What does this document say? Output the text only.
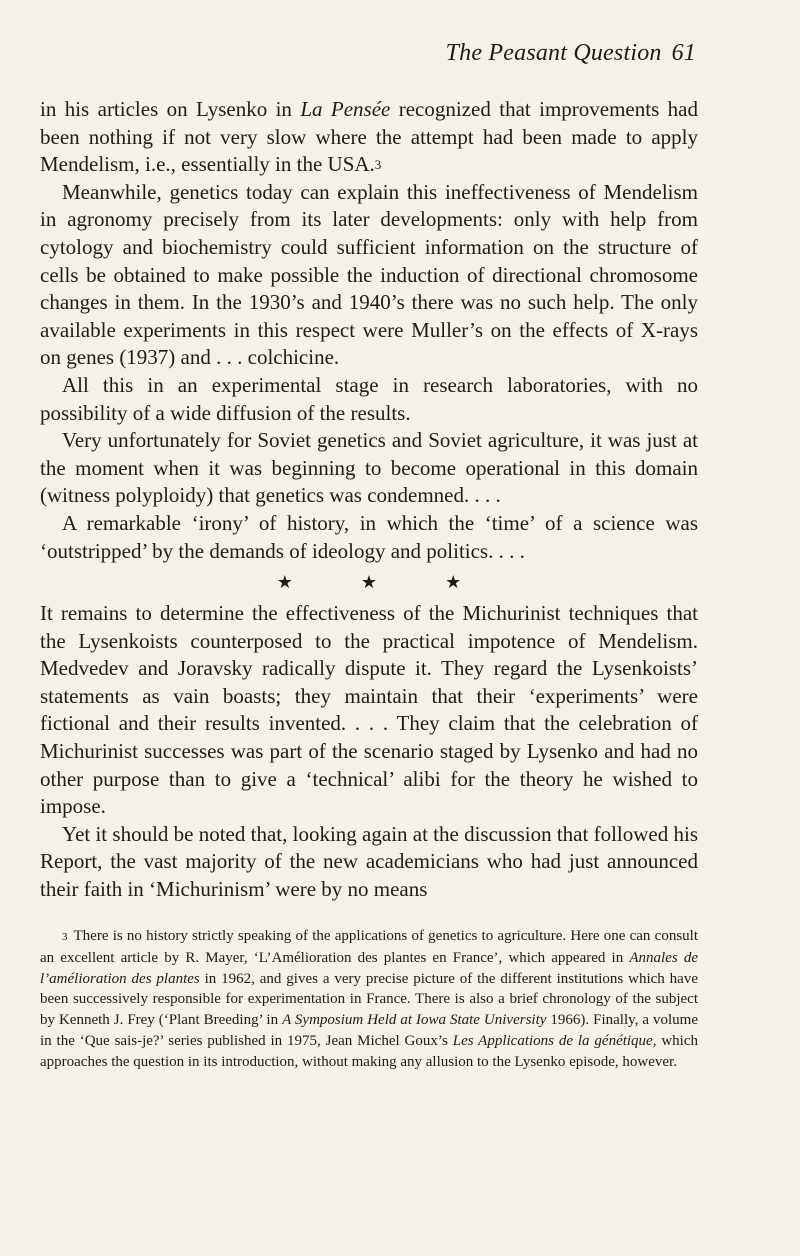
The Peasant Question 61

in his articles on Lysenko in La Pensée recognized that improvements had been nothing if not very slow where the attempt had been made to apply Mendelism, i.e., essentially in the USA.3

Meanwhile, genetics today can explain this ineffectiveness of Mendelism in agronomy precisely from its later developments: only with help from cytology and biochemistry could sufficient information on the structure of cells be obtained to make possible the induction of directional chromosome changes in them. In the 1930’s and 1940’s there was no such help. The only available experiments in this respect were Muller’s on the effects of X-rays on genes (1937) and . . . colchicine.

All this in an experimental stage in research laboratories, with no possibility of a wide diffusion of the results.

Very unfortunately for Soviet genetics and Soviet agriculture, it was just at the moment when it was beginning to become operational in this domain (witness polyploidy) that genetics was condemned. . . .

A remarkable ‘irony’ of history, in which the ‘time’ of a science was ‘outstripped’ by the demands of ideology and politics. . . .

★	★	★

It remains to determine the effectiveness of the Michurinist techniques that the Lysenkoists counterposed to the practical impotence of Mendelism. Medvedev and Joravsky radically dispute it. They regard the Lysenkoists’ statements as vain boasts; they maintain that their ‘experiments’ were fictional and their results invented. . . . They claim that the celebration of Michurinist successes was part of the scenario staged by Lysenko and had no other purpose than to give a ‘technical’ alibi for the theory he wished to impose.

Yet it should be noted that, looking again at the discussion that followed his Report, the vast majority of the new academicians who had just announced their faith in ‘Michurinism’ were by no means

3 There is no history strictly speaking of the applications of genetics to agriculture. Here one can consult an excellent article by R. Mayer, ‘L’Amélioration des plantes en France’, which appeared in Annales de l’amélioration des plantes in 1962, and gives a very precise picture of the different institutions which have been successively responsible for experimentation in France. There is also a brief chronology of the subject by Kenneth J. Frey (‘Plant Breeding’ in A Symposium Held at Iowa State University 1966). Finally, a volume in the ‘Que sais-je?’ series published in 1975, Jean Michel Goux’s Les Applications de la génétique, which approaches the question in its introduction, without making any allusion to the Lysenko episode, however.
